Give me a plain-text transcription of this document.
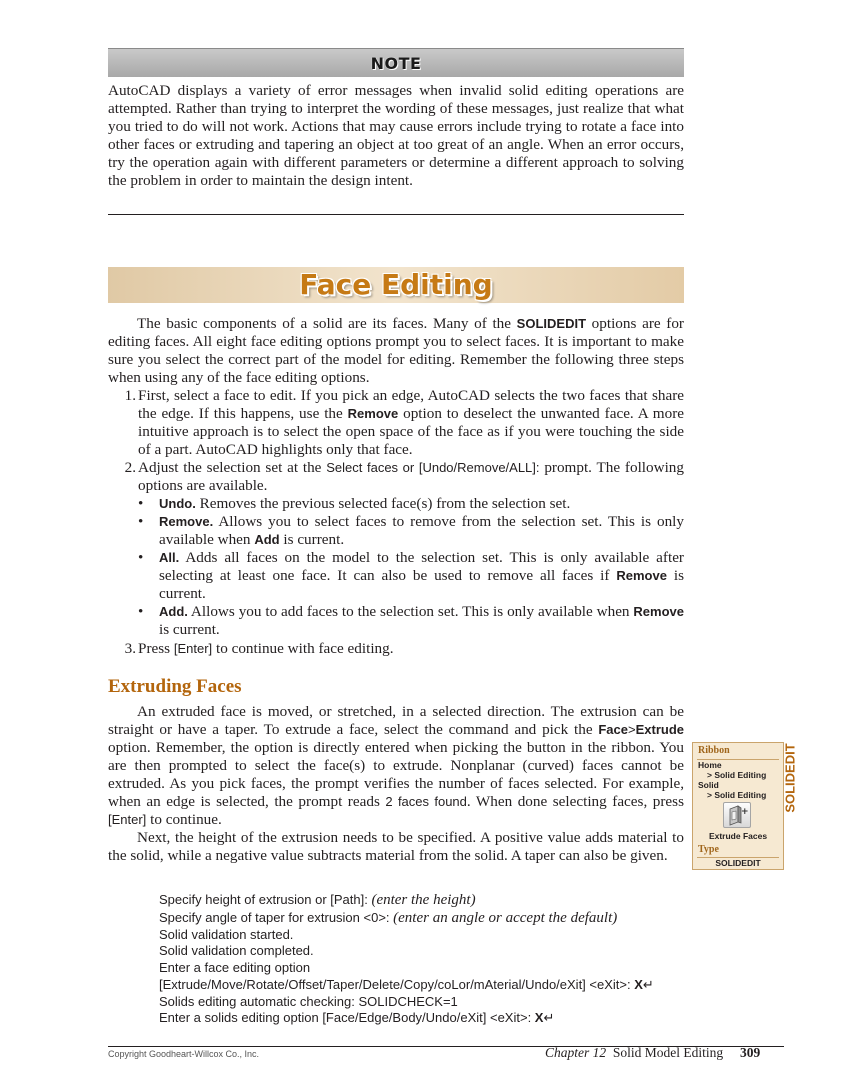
NOTE
AutoCAD displays a variety of error messages when invalid solid editing operations are attempted. Rather than trying to interpret the wording of these messages, just realize that what you tried to do will not work. Actions that may cause errors include trying to rotate a face into other faces or extruding and tapering an object at too great of an angle. When an error occurs, try the operation again with different parameters or determine a different approach to solving the problem in order to maintain the design intent.
Face Editing
The basic components of a solid are its faces. Many of the SOLIDEDIT options are for editing faces. All eight face editing options prompt you to select faces. It is important to make sure you select the correct part of the model for editing. Remember the following three steps when using any of the face editing options.
1. First, select a face to edit. If you pick an edge, AutoCAD selects the two faces that share the edge. If this happens, use the Remove option to deselect the unwanted face. A more intuitive approach is to select the open space of the face as if you were touching the side of a part. AutoCAD highlights only that face.
2. Adjust the selection set at the Select faces or [Undo/Remove/ALL]: prompt. The following options are available.
• Undo. Removes the previous selected face(s) from the selection set.
• Remove. Allows you to select faces to remove from the selection set. This is only available when Add is current.
• All. Adds all faces on the model to the selection set. This is only available after selecting at least one face. It can also be used to remove all faces if Remove is current.
• Add. Allows you to add faces to the selection set. This is only available when Remove is current.
3. Press [Enter] to continue with face editing.
Extruding Faces
An extruded face is moved, or stretched, in a selected direction. The extrusion can be straight or have a taper. To extrude a face, select the command and pick the Face>Extrude option. Remember, the option is directly entered when picking the button in the ribbon. You are then prompted to select the face(s) to extrude. Nonplanar (curved) faces cannot be extruded. As you pick faces, the prompt verifies the number of faces selected. For example, when an edge is selected, the prompt reads 2 faces found. When done selecting faces, press [Enter] to continue.
Next, the height of the extrusion needs to be specified. A positive value adds material to the solid, while a negative value subtracts material from the solid. A taper can also be given.
Specify height of extrusion or [Path]: (enter the height)
Specify angle of taper for extrusion <0>: (enter an angle or accept the default)
Solid validation started.
Solid validation completed.
Enter a face editing option
[Extrude/Move/Rotate/Offset/Taper/Delete/Copy/coLor/mAterial/Undo/eXit] <eXit>: X↵
Solids editing automatic checking: SOLIDCHECK=1
Enter a solids editing option [Face/Edge/Body/Undo/eXit] <eXit>: X↵
Ribbon
Home
> Solid Editing
Solid
> Solid Editing
+
Extrude Faces
Type
SOLIDEDIT
SOLIDEDIT
Copyright Goodheart-Willcox Co., Inc.	Chapter 12 Solid Model Editing 309
